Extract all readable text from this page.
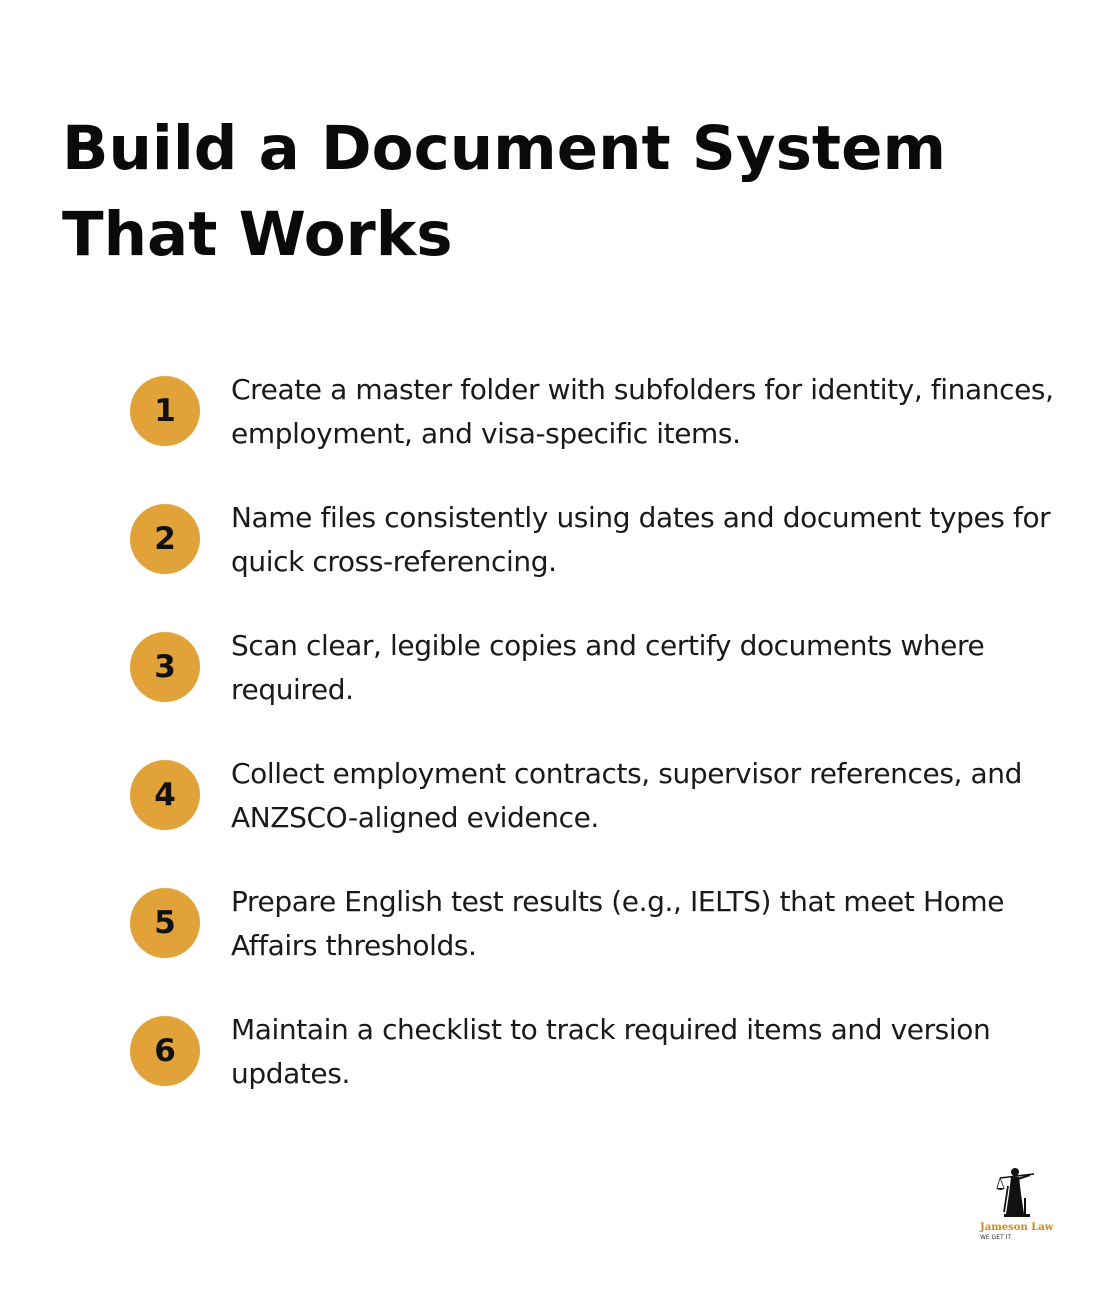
Build a Document System That Works
1

Create a master folder with subfolders for identity, finances, employment, and visa-specific items.

2

Name files consistently using dates and document types for quick cross-referencing.

3

Scan clear, legible copies and certify documents where required.

4

Collect employment contracts, supervisor references, and ANZSCO-aligned evidence.

5

Prepare English test results (e.g., IELTS) that meet Home Affairs thresholds.

6

Maintain a checklist to track required items and version updates.

Jameson Law
WE GET IT
